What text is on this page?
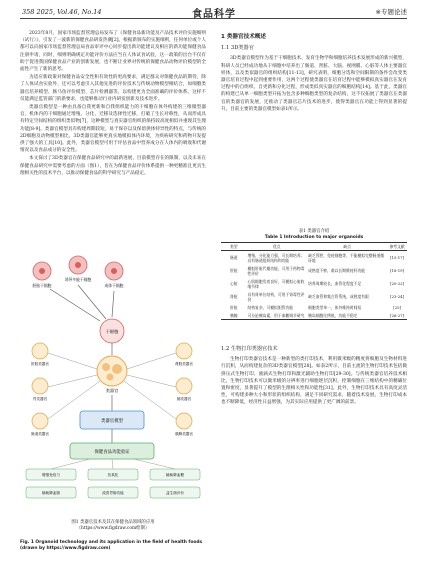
358 2025, Vol.46, No.14	食品科学	※专题论述

2023年8月，国家市场监督管理总局发布了《保健食品新功能及产品技术评价实施细则（试行）》，引发了一波新的保健食品研发热潮[2]。根据新颁布的实施细则，任何单位或个人都可以向国家市场监督管理总局食品审评中心同步提出新功能建议及相应的新功能保健食品注册申请，同时，细则明确规定功能评价方法应当在人体试食试验，这一政策的出台不仅有助于促进我国保健食品产业的创新发展，也不断让业界对传统的保健食品动物评价模型的全面性产生了新的思考。

为适应新政策对保健食品安全性和有效性的更高要求，满足群众对保健食品的期待，除了人体试食实验外，还可以考虑引入其他先进的评价技术与传统动物模型相结合，如细胞类器官培养模型、肠马鱼评价模型、芯片检测器等，以构建更为全面准确的评价体系。这样不仅能满足监管部门的新要求，也能够推动行业内研发创新及技术进步。

类器官模型是一种由具备自我更新和自我组织能力的干细胞在体外构建的三维微型器官，机体内的干细胞通过增殖、分化、迁移及选择性迁移，打破了生长对称性，从而形成具有特定空间结构的组织类似物[7]，这种模型与真实器官组织的保持较高度相似并重现其生理功能[8-9]。类器官模型具有构建周期较短，易于保存以及保留供体特异性的特点，与传统的2D细胞及动物模型相比，3D类器官能够更真实地模拟体内环境，为疾病研究和药物开发提供了强大的工具[10]。此外，类器官模型可用于评估食品中营养成分在人体内的吸收和代谢情况以及食品成分的安全性。

本文探讨了3D类器官在保健食品研究中的最新进展、目前模型存在的限制，以及未来在保健食品研究中需要考虑的方面（图1），旨在为保健食品评价体系提供一种更精准且更具生理相关性的技术平台，以推动保健食品的科学研究与产品稳定。

胚胎干细胞
诱导多能干细胞
成体干细胞
干细胞
类器官
肝脏类器官
胃类器官
肠道类器官
肾脏类器官
肺类器官
胰腺类器官
类器官模型
保健食品功能验证
增强免疫力	抗氧化	辅助降血糖
辅助降血脂	改善胃肠功能	益生菌评价
图1 类器官技术及其在保健食品领域的应用
（https://www.figdraw.com绘制）
Fig. 1 Organoid technology and its application in the field of health foods (drawn by https://www.figdraw.com)
1 类器官技术概述
1.1 3D类器官

3D类器官模型作为基于干细胞技术、发育生物学和细胞培养技术发展形成的新兴模型，科研人员已经成功地从干细胞中培养出了肠道、肾脏、大脑、视网膜、心脏等人体主要器官样体，以及类似器官的组织结构[11-13]，研究表明，细胞分选和空间限制的条件会改变类器官培育过程中起到重要作用，这两个过程使类器官在培育过程中能够模拟真实器官在发育过程中的自组织、自更新和分化过程，形成类似真实器官的细胞结构[14]。基于此，类器官的构建已从单一细胞类型开拓为包含多种细胞类型的复杂结构，这不仅拓展了类器官在类器官的类器官的发展，还推动了类器官芯片技术的进步，使得类器官在功能上得到显著的提升。目前主要的类器官模型如表1所示。

表1 类器官介绍
Table 1 Introduction to major organoids
类型	优点	缺点	参考文献
肠道	增殖、分化能力强，可长期培养；具有肠道组织结构和功能	缺乏管腔、免疫细胞等，不能模拟完整肠道微环境	[15-17]
肝脏	模拟肝脏代谢功能，可用于药物毒性评价	成熟度不够，难以长期维持肝功能	[18-19]
心脏	心肌细胞发育良好，可模拟心脏收缩节律	培养周期较长，血管化程度不足	[20-22]
肾脏	具有肾单位结构，可用于肾毒性评价	缺乏血管和集合管系统，成熟度有限	[23-24]
肝脏	结构复杂，可模拟胆管功能	细胞类型单一，体外维持时间短	[25]
胰腺	可分泌胰岛素，用于血糖调节研究	胰岛细胞比例低，功能不稳定	[26-27]
1.2 生物打印类器官技术

生物打印类器官技术是一种新型的类打印技术，利用微米级的精度将细胞及生物材料进行沉积，从而构建复杂的3D类器官模型[28]。如表2所示，目前主流的生物打印技术包括微挤压式生物打印、液滴式生物打印和激光辅助生物打印[29-30]。与传统类器官培养技术相比，生物打印技术可以微米级的分辨率进行细胞逐层沉积，控制细胞在三维结构中的精确位置和密度，显著提升了模型的生理相关性和功能性[31]。此外，生物打印技术具有高度灵活性，可构建多种大小和形状的组织结构，满足不同研究需求，随着技术发展，生物打印成本也不断降低，经济性日益增强，为其实际应用提供了更广阔的前景。
